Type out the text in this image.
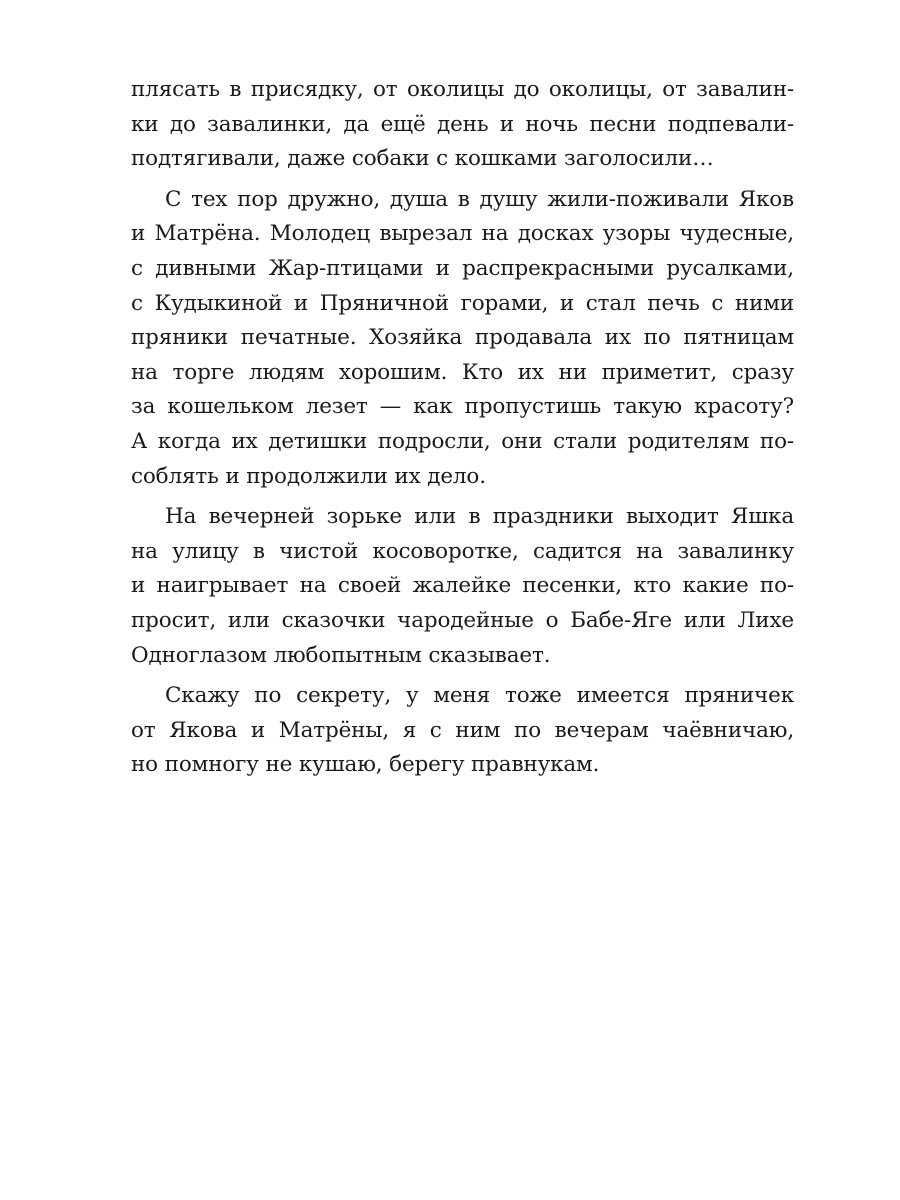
плясать в присядку, от околицы до околицы, от завалин-
ки до завалинки, да ещё день и ночь песни подпевали-
подтягивали, даже собаки с кошками заголосили…
С тех пор дружно, душа в душу жили-поживали Яков
и Матрёна. Молодец вырезал на досках узоры чудесные,
с дивными Жар-птицами и распрекрасными русалками,
с Кудыкиной и Пряничной горами, и стал печь с ними
пряники печатные. Хозяйка продавала их по пятницам
на торге людям хорошим. Кто их ни приметит, сразу
за кошельком лезет — как пропустишь такую красоту?
А когда их детишки подросли, они стали родителям по-
соблять и продолжили их дело.
На вечерней зорьке или в праздники выходит Яшка
на улицу в чистой косоворотке, садится на завалинку
и наигрывает на своей жалейке песенки, кто какие по-
просит, или сказочки чародейные о Бабе-Яге или Лихе
Одноглазом любопытным сказывает.
Скажу по секрету, у меня тоже имеется пряничек
от Якова и Матрёны, я с ним по вечерам чаёвничаю,
но помногу не кушаю, берегу правнукам.
